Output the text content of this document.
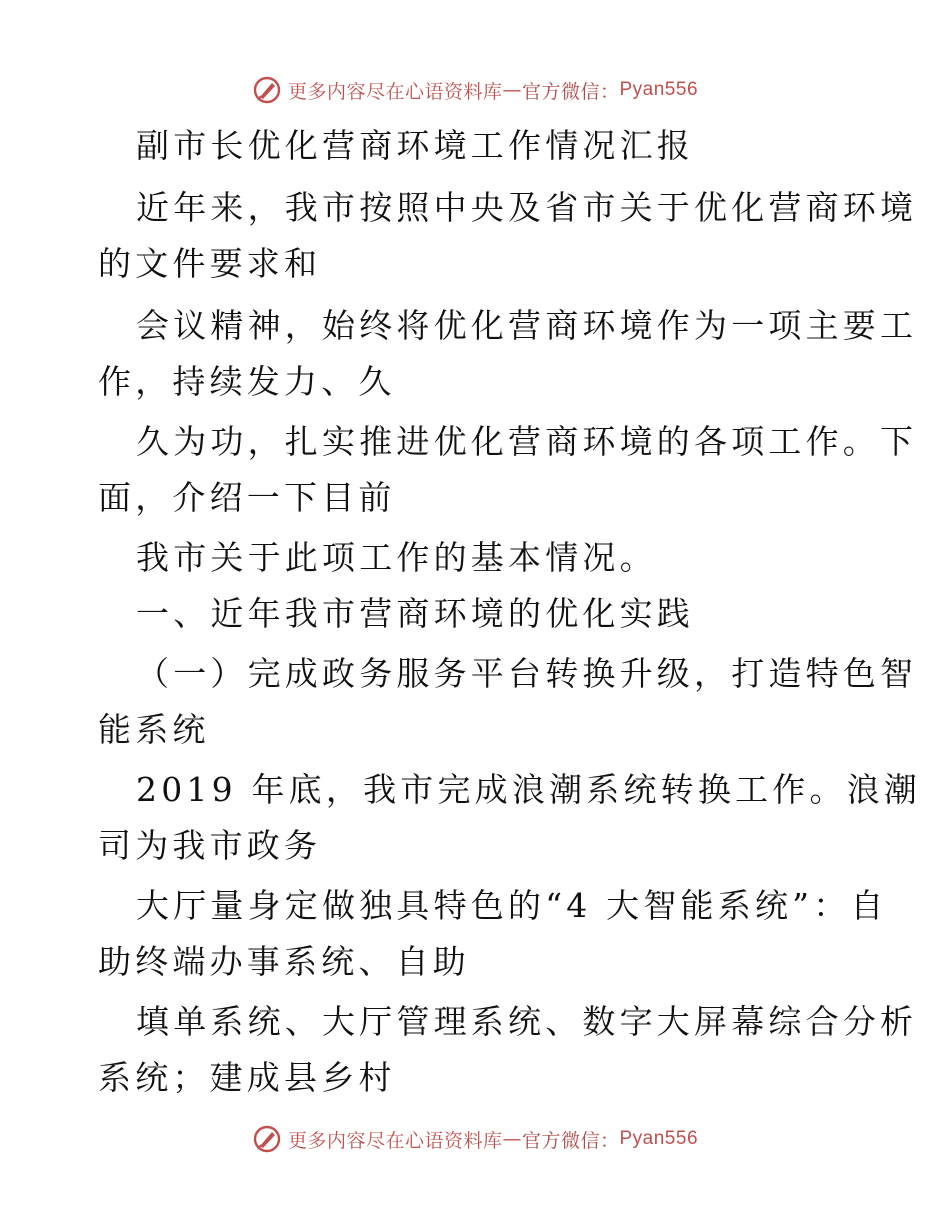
更多内容尽在心语资料库 — 官方微信： Pyan556
副市长优化营商环境工作情况汇报
近年来，我市按照中央及省市关于优化营商环境
的文件要求和
会议精神，始终将优化营商环境作为一项主要工
作，持续发力、久
久为功，扎实推进优化营商环境的各项工作。下
面，介绍一下目前
我市关于此项工作的基本情况。
一、近年我市营商环境的优化实践
（一）完成政务服务平台转换升级，打造特色智
能系统
2019 年底，我市完成浪潮系统转换工作。浪潮
司为我市政务
大厅量身定做独具特色的“4 大智能系统”：自
助终端办事系统、自助
填单系统、大厅管理系统、数字大屏幕综合分析
系统；建成县乡村
更多内容尽在心语资料库 — 官方微信： Pyan556
